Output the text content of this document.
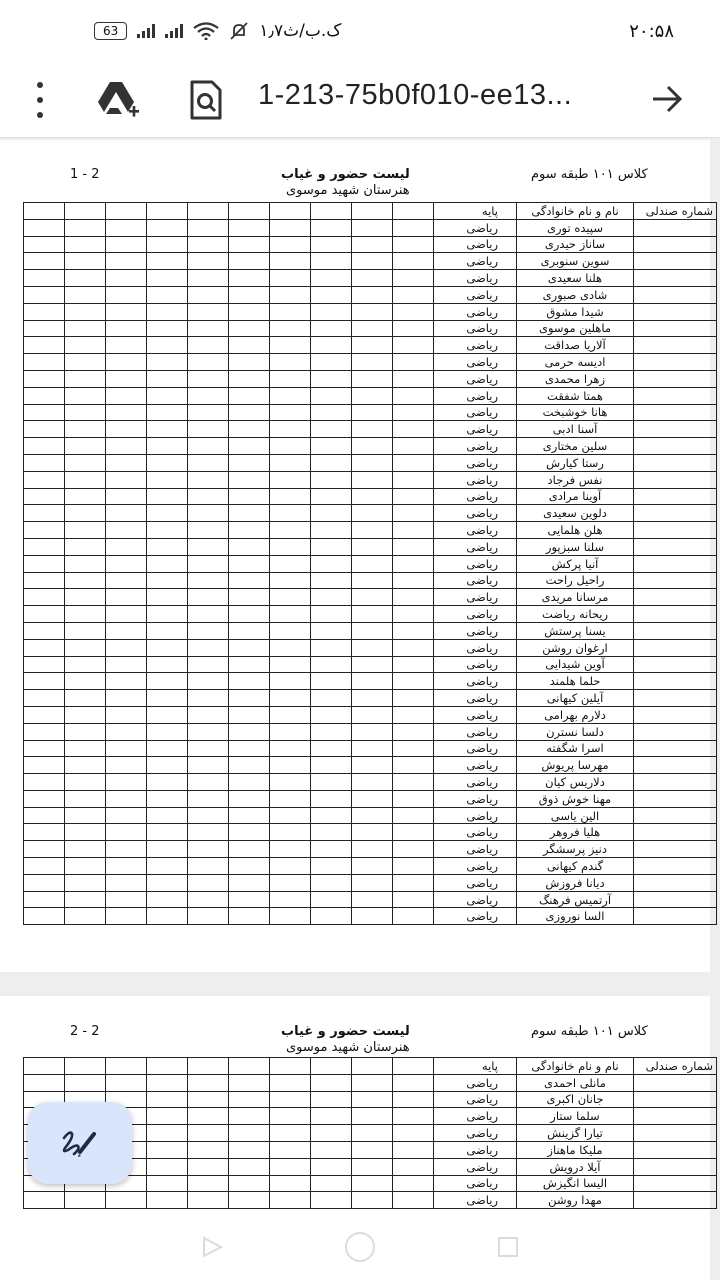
63	۱٫۷ک.ب/ث	۲۰:۵۸
1-213-75b0f010-ee13...
1 - 2	لیست حضور و غیاب	کلاس ۱۰۱ طبقه سوم
هنرستان شهید موسوی
										پایه	نام و نام خانوادگی	شماره صندلی
										ریاضی	سپیده توری	
										ریاضی	ساناز حیدری	
										ریاضی	سوین سنوبری	
										ریاضی	هلنا سعیدی	
										ریاضی	شادی صبوری	
										ریاضی	شیدا مشوق	
										ریاضی	ماهلین موسوی	
										ریاضی	آلاریا صداقت	
										ریاضی	ادیسه حرمی	
										ریاضی	زهرا محمدی	
										ریاضی	همتا شفقت	
										ریاضی	هانا خوشبخت	
										ریاضی	آسنا ادبی	
										ریاضی	سلین مختاری	
										ریاضی	رستا کیارش	
										ریاضی	نفس فرجاد	
										ریاضی	آوینا مرادی	
										ریاضی	دلوین سعیدی	
										ریاضی	هلن هلمایی	
										ریاضی	سلنا سبزپور	
										ریاضی	آنیا پرکش	
										ریاضی	راحیل راحت	
										ریاضی	مرسانا مریدی	
										ریاضی	ریحانه ریاضت	
										ریاضی	یسنا پرستش	
										ریاضی	ارغوان روشن	
										ریاضی	آوین شیدایی	
										ریاضی	حلما هلمند	
										ریاضی	آیلین کیهانی	
										ریاضی	دلارم بهرامی	
										ریاضی	دلسا نسترن	
										ریاضی	اسرا شگفته	
										ریاضی	مهرسا پریوش	
										ریاضی	دلاریس کیان	
										ریاضی	مهنا خوش ذوق	
										ریاضی	الین یاسی	
										ریاضی	هلیا فروهر	
										ریاضی	دنیز پرسشگر	
										ریاضی	گندم کیهانی	
										ریاضی	دیانا فروزش	
										ریاضی	آرتمیس فرهنگ	
										ریاضی	السا نوروزی	
2 - 2	لیست حضور و غیاب	کلاس ۱۰۱ طبقه سوم
هنرستان شهید موسوی
										پایه	نام و نام خانوادگی	شماره صندلی
										ریاضی	مانلی احمدی	
										ریاضی	جانان اکبری	
										ریاضی	سلما ستار	
										ریاضی	تیارا گزینش	
										ریاضی	ملیکا ماهناز	
										ریاضی	آیلا درویش	
										ریاضی	الیسا انگیزش	
										ریاضی	مهدا روشن	
